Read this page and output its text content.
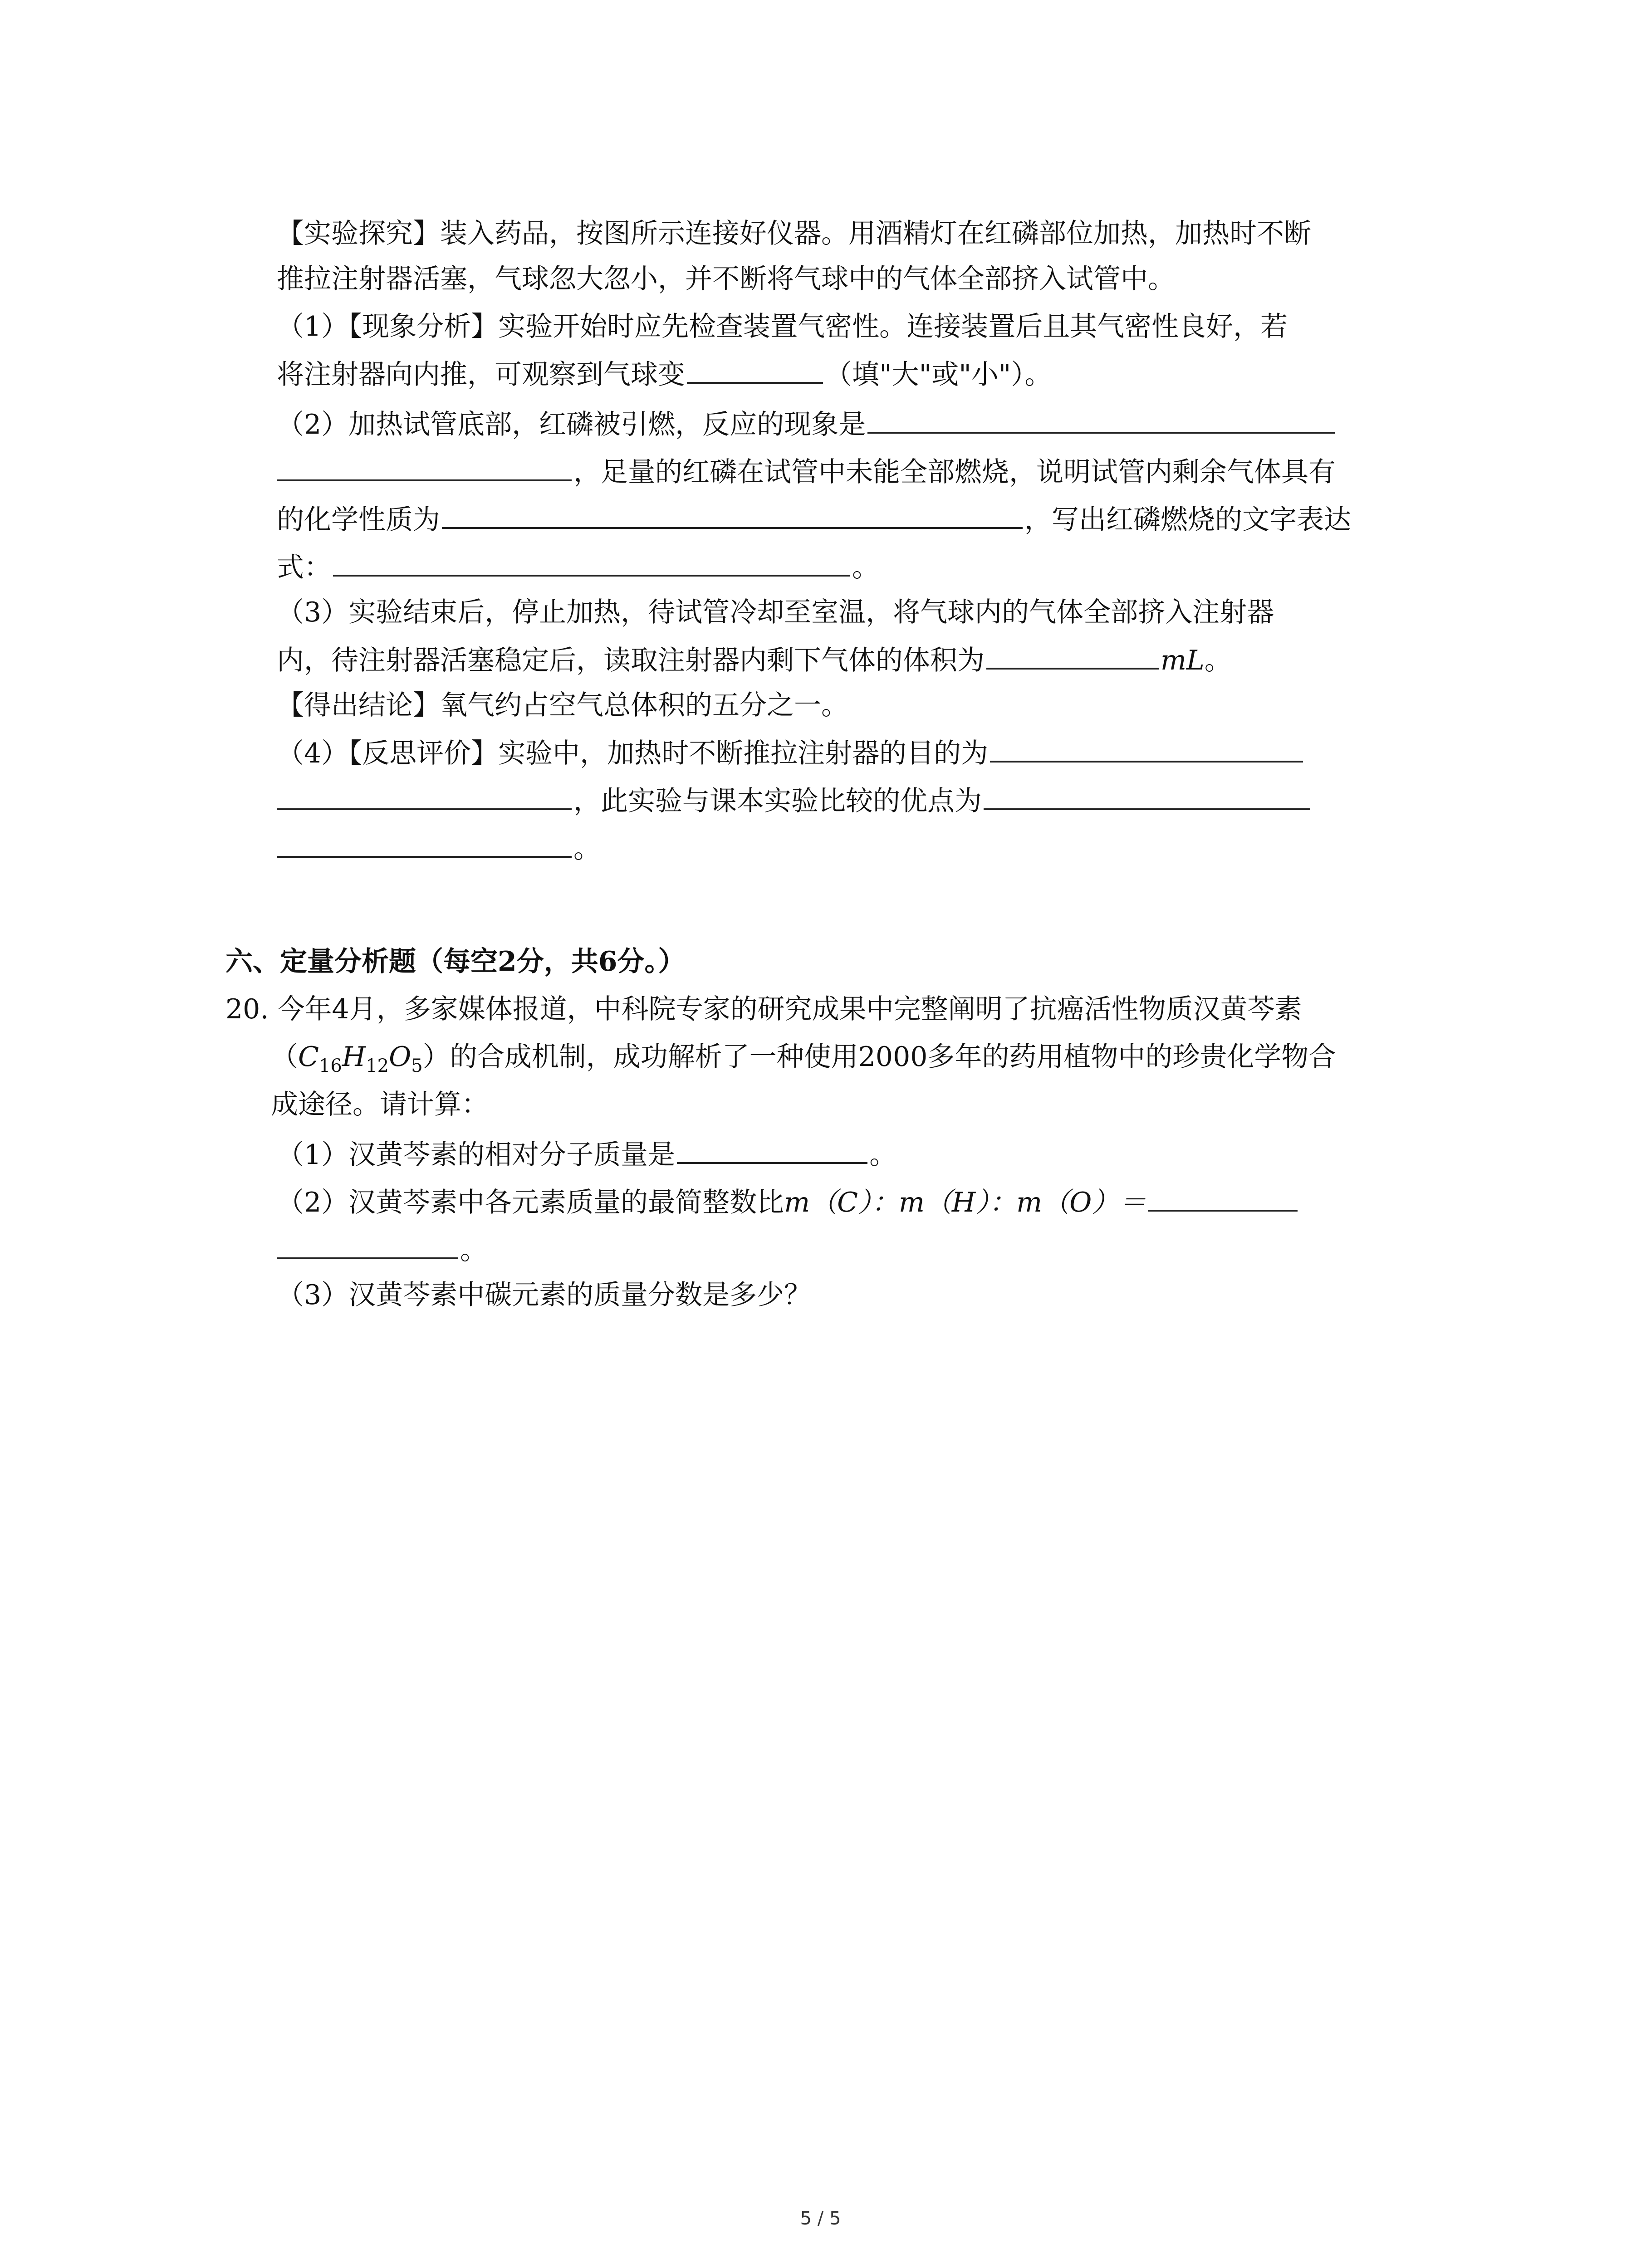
【实验探究】装入药品，按图所示连接好仪器。用酒精灯在红磷部位加热，加热时不断
推拉注射器活塞，气球忽大忽小，并不断将气球中的气体全部挤入试管中。
（1）【现象分析】实验开始时应先检查装置气密性。连接装置后且其气密性良好，若
将注射器向内推，可观察到气球变	（填"大"或"小"）。
（2）加热试管底部，红磷被引燃，反应的现象是
，足量的红磷在试管中未能全部燃烧，说明试管内剩余气体具有
的化学性质为	，写出红磷燃烧的文字表达
式：	。
（3）实验结束后，停止加热，待试管冷却至室温，将气球内的气体全部挤入注射器
内，待注射器活塞稳定后，读取注射器内剩下气体的体积为	mL。
【得出结论】氧气约占空气总体积的五分之一。
（4）【反思评价】实验中，加热时不断推拉注射器的目的为
，此实验与课本实验比较的优点为
。
六、定量分析题（每空2分，共6分。）
20. 今年4月，多家媒体报道，中科院专家的研究成果中完整阐明了抗癌活性物质汉黄芩素
$(C_{16}H_{12}O_5)$的合成机制，成功解析了一种使用2000多年的药用植物中的珍贵化学物合
成途径。请计算：
（1）汉黄芩素的相对分子质量是	。
（2）汉黄芩素中各元素质量的最简整数比m（C）：m（H）：m（O）＝
。
（3）汉黄芩素中碳元素的质量分数是多少？
5 / 5
